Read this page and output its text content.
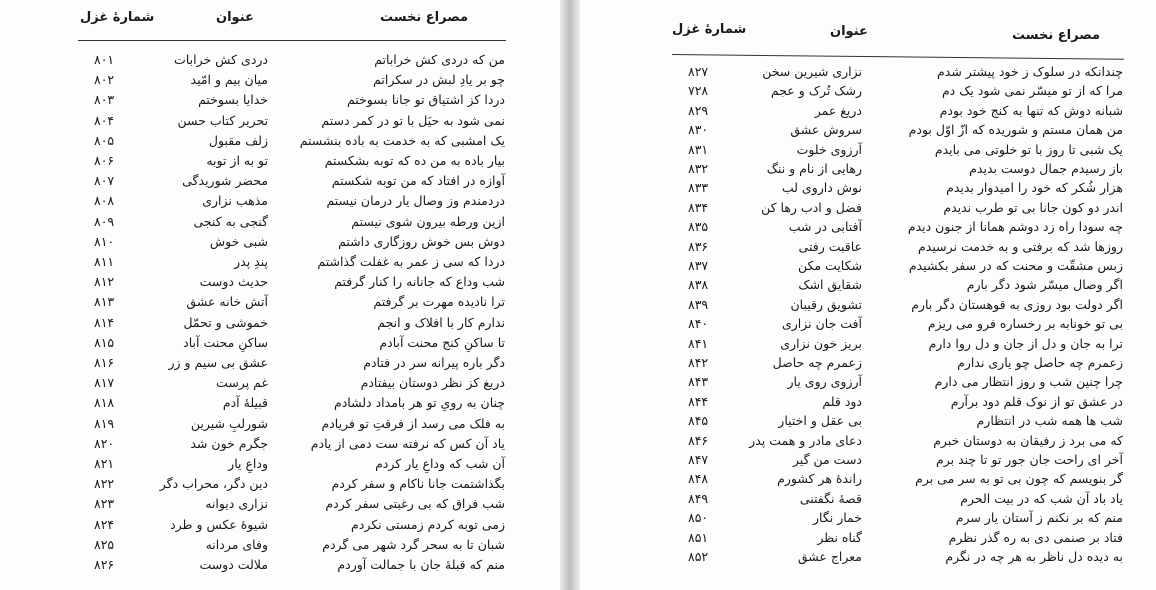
مصراع نخست
عنوان
شمارهٔ غزل
من که دردی کش خراباتم
دردی کش خرابات
۸۰۱
چو بر یادِ لبش در سکراتم
میان بیم و امّید
۸۰۲
دردا کز اشتیاق تو جانا بسوختم
خدایا بسوختم
۸۰۳
نمی شود به حیَل با تو در کمر دستم
تحریر کتاب حسن
۸۰۴
یک امشبی که به خدمت به باده بنشستم
زلف مقبول
۸۰۵
بیار باده به من ده که توبه بشکستم
تو به از توبه
۸۰۶
آوازه در افتاد که من توبه شکستم
محضر شوریدگی
۸۰۷
دردمندم وز وصال یار درمان نیستم
مذهب نزاری
۸۰۸
ازین ورطه بیرون شوی نیستم
گنجی به کنجی
۸۰۹
دوش بس خوش روزگاری داشتم
شبی خوش
۸۱۰
دردا که سی ز عمر به غفلت گذاشتم
پندِ پدر
۸۱۱
شب وداع که جانانه را کنار گرفتم
حدیث دوست
۸۱۲
ترا نادیده مهرت بر گرفتم
آتش خانه عشق
۸۱۳
ندارم کار با افلاک و انجم
خموشی و تحمّل
۸۱۴
تا ساکنِ کنج محنت آبادم
ساکنِ محنت آباد
۸۱۵
دگر باره پیرانه سر در فتادم
عشق بی سیم و زر
۸۱۶
دریغ کز نظر دوستان بیفتادم
غم پرست
۸۱۷
چنان به رویِ تو هر بامداد دلشادم
قبیلهٔ آدم
۸۱۸
به فلک می رسد از فرقتِ تو فریادم
شورلبِ شیرین
۸۱۹
یاد آن کس که نرفته ست دمی از یادم
جگرم خون شد
۸۲۰
آن شب که وداعِ یار کردم
وداعِ یار
۸۲۱
بگذاشتمت جانا ناکام و سفر کردم
دین دگر، محراب دگر
۸۲۲
شب فراق که بی رغبتی سفر کردم
نزاری دیوانه
۸۲۳
زمی توبه کردم زمستی نکردم
شیوهٔ عکس و طرد
۸۲۴
شبان تا به سحر گرد شهر می گردم
وفای مردانه
۸۲۵
منم که قبلهٔ جان با جمالت آوردم
ملالت دوست
۸۲۶
مصراع نخست
عنوان
شمارهٔ غزل
چندانکه در سلوک ز خود پیشتر شدم
نزاری شیرین سخن
۸۲۷
مرا که از تو میسّر نمی شود یک دم
رشک تُرک و عجم
۷۲۸
شبانه دوش که تنها به کنج خود بودم
دریغ عمر
۸۲۹
من همان مستم و شوریده که ازّ اوّل بودم
سروش عشق
۸۳۰
یک شبی تا روز با تو خلوتی می بایدم
آرزوی خلوت
۸۳۱
باز رسیدم جمال دوست بدیدم
رهایی از نام و ننگ
۸۳۲
هزار شُکر که خود را امیدوار بدیدم
نوش داروی لب
۸۳۳
اندر دو کون جانا بی تو طرب ندیدم
فضل و ادب رها کن
۸۳۴
چه سودا راه زد دوشم همانا از جنون دیدم
آفتابی در شب
۸۳۵
روزها شد که برفتی و به خدمت نرسیدم
عاقبت رفتی
۸۳۶
زبس مشقّت و محنت که در سفر بکشیدم
شکایت مکن
۸۳۷
اگر وصال میسّر شود دگر بارم
شقایق اشک
۸۳۸
اگر دولت بود روزی به قوهستان دگر بارم
تشویق رقیبان
۸۳۹
بی تو خونابه بر رخساره فرو می ریزم
آفت جان نزاری
۸۴۰
ترا به جان و دل از جان و دل روا دارم
بریز خون نزاری
۸۴۱
زعمرم چه حاصل چو یاری ندارم
زعمرم چه حاصل
۸۴۲
چرا چنین شب و روز انتظار می دارم
آرزوی روی یار
۸۴۳
در عشق تو از نوک قلم دود برآرم
دود قلم
۸۴۴
شب ها همه شب در انتظارم
بی عقل و اختیار
۸۴۵
که می برد ز رفیقان به دوستان خبرم
دعای مادر و همت پدر
۸۴۶
آخر ای راحت جان جور تو تا چند برم
دست من گیر
۸۴۷
گر بنویسم که چون بی تو به سر می برم
راندهٔ هر کشورم
۸۴۸
یاد باد آن شب که در بیت الحرم
قصهٔ نگفتنی
۸۴۹
منم که بر نکنم ز آستان یار سرم
خمار نگار
۸۵۰
فتاد بر صنمی دی به ره گذر نظرم
گناه نظر
۸۵۱
به دیده دل ناظر به هر چه در نگرم
معراج عشق
۸۵۲
